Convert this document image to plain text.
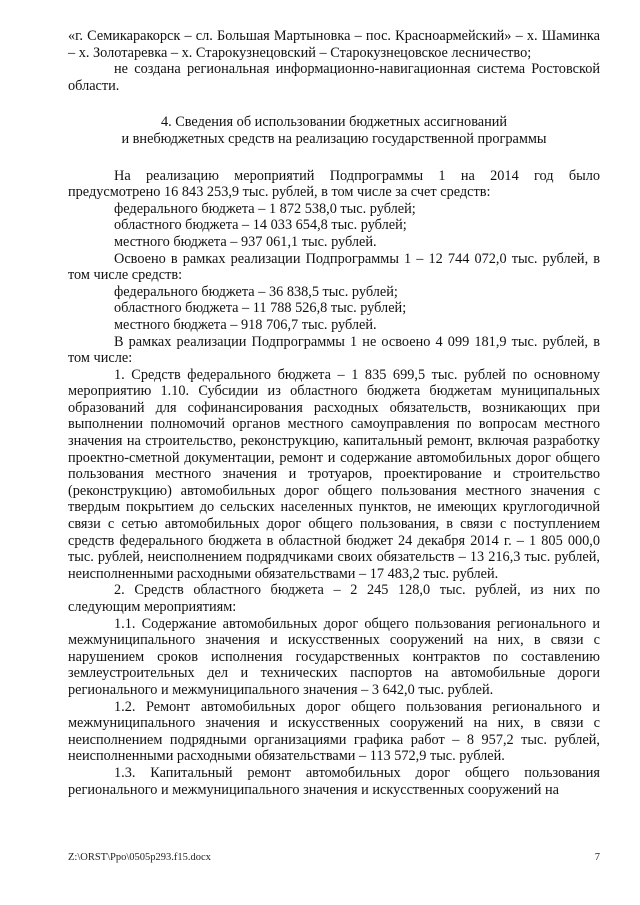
«г. Семикаракорск – сл. Большая Мартыновка – пос. Красноармейский» – х. Шаминка – х. Золотаревка – х. Старокузнецовский – Старокузнецовское лесничество;

не создана региональная информационно-навигационная система Ростовской области.

4. Сведения об использовании бюджетных ассигнований
и внебюджетных средств на реализацию государственной программы

На реализацию мероприятий Подпрограммы 1 на 2014 год было предусмотрено 16 843 253,9 тыс. рублей, в том числе за счет средств:

федерального бюджета – 1 872 538,0 тыс. рублей;

областного бюджета – 14 033 654,8 тыс. рублей;

местного бюджета – 937 061,1 тыс. рублей.

Освоено в рамках реализации Подпрограммы 1 – 12 744 072,0 тыс. рублей, в том числе средств:

федерального бюджета – 36 838,5 тыс. рублей;

областного бюджета – 11 788 526,8 тыс. рублей;

местного бюджета – 918 706,7 тыс. рублей.

В рамках реализации Подпрограммы 1 не освоено 4 099 181,9 тыс. рублей, в том числе:

1. Средств федерального бюджета – 1 835 699,5 тыс. рублей по основному мероприятию 1.10. Субсидии из областного бюджета бюджетам муниципальных образований для софинансирования расходных обязательств, возникающих при выполнении полномочий органов местного самоуправления по вопросам местного значения на строительство, реконструкцию, капитальный ремонт, включая разработку проектно-сметной документации, ремонт и содержание автомобильных дорог общего пользования местного значения и тротуаров, проектирование и строительство (реконструкцию) автомобильных дорог общего пользования местного значения с твердым покрытием до сельских населенных пунктов, не имеющих круглогодичной связи с сетью автомобильных дорог общего пользования, в связи с поступлением средств федерального бюджета в областной бюджет 24 декабря 2014 г. – 1 805 000,0 тыс. рублей, неисполнением подрядчиками своих обязательств – 13 216,3 тыс. рублей, неисполненными расходными обязательствами – 17 483,2 тыс. рублей.

2. Средств областного бюджета – 2 245 128,0 тыс. рублей, из них по следующим мероприятиям:

1.1. Содержание автомобильных дорог общего пользования регионального и межмуниципального значения и искусственных сооружений на них, в связи с нарушением сроков исполнения государственных контрактов по составлению землеустроительных дел и технических паспортов на автомобильные дороги регионального и межмуниципального значения – 3 642,0 тыс. рублей.

1.2. Ремонт автомобильных дорог общего пользования регионального и межмуниципального значения и искусственных сооружений на них, в связи с неисполнением подрядными организациями графика работ – 8 957,2 тыс. рублей, неисполненными расходными обязательствами – 113 572,9 тыс. рублей.

1.3. Капитальный ремонт автомобильных дорог общего пользования регионального и межмуниципального значения и искусственных сооружений на

Z:\ORST\Ppo\0505p293.f15.docx	7
